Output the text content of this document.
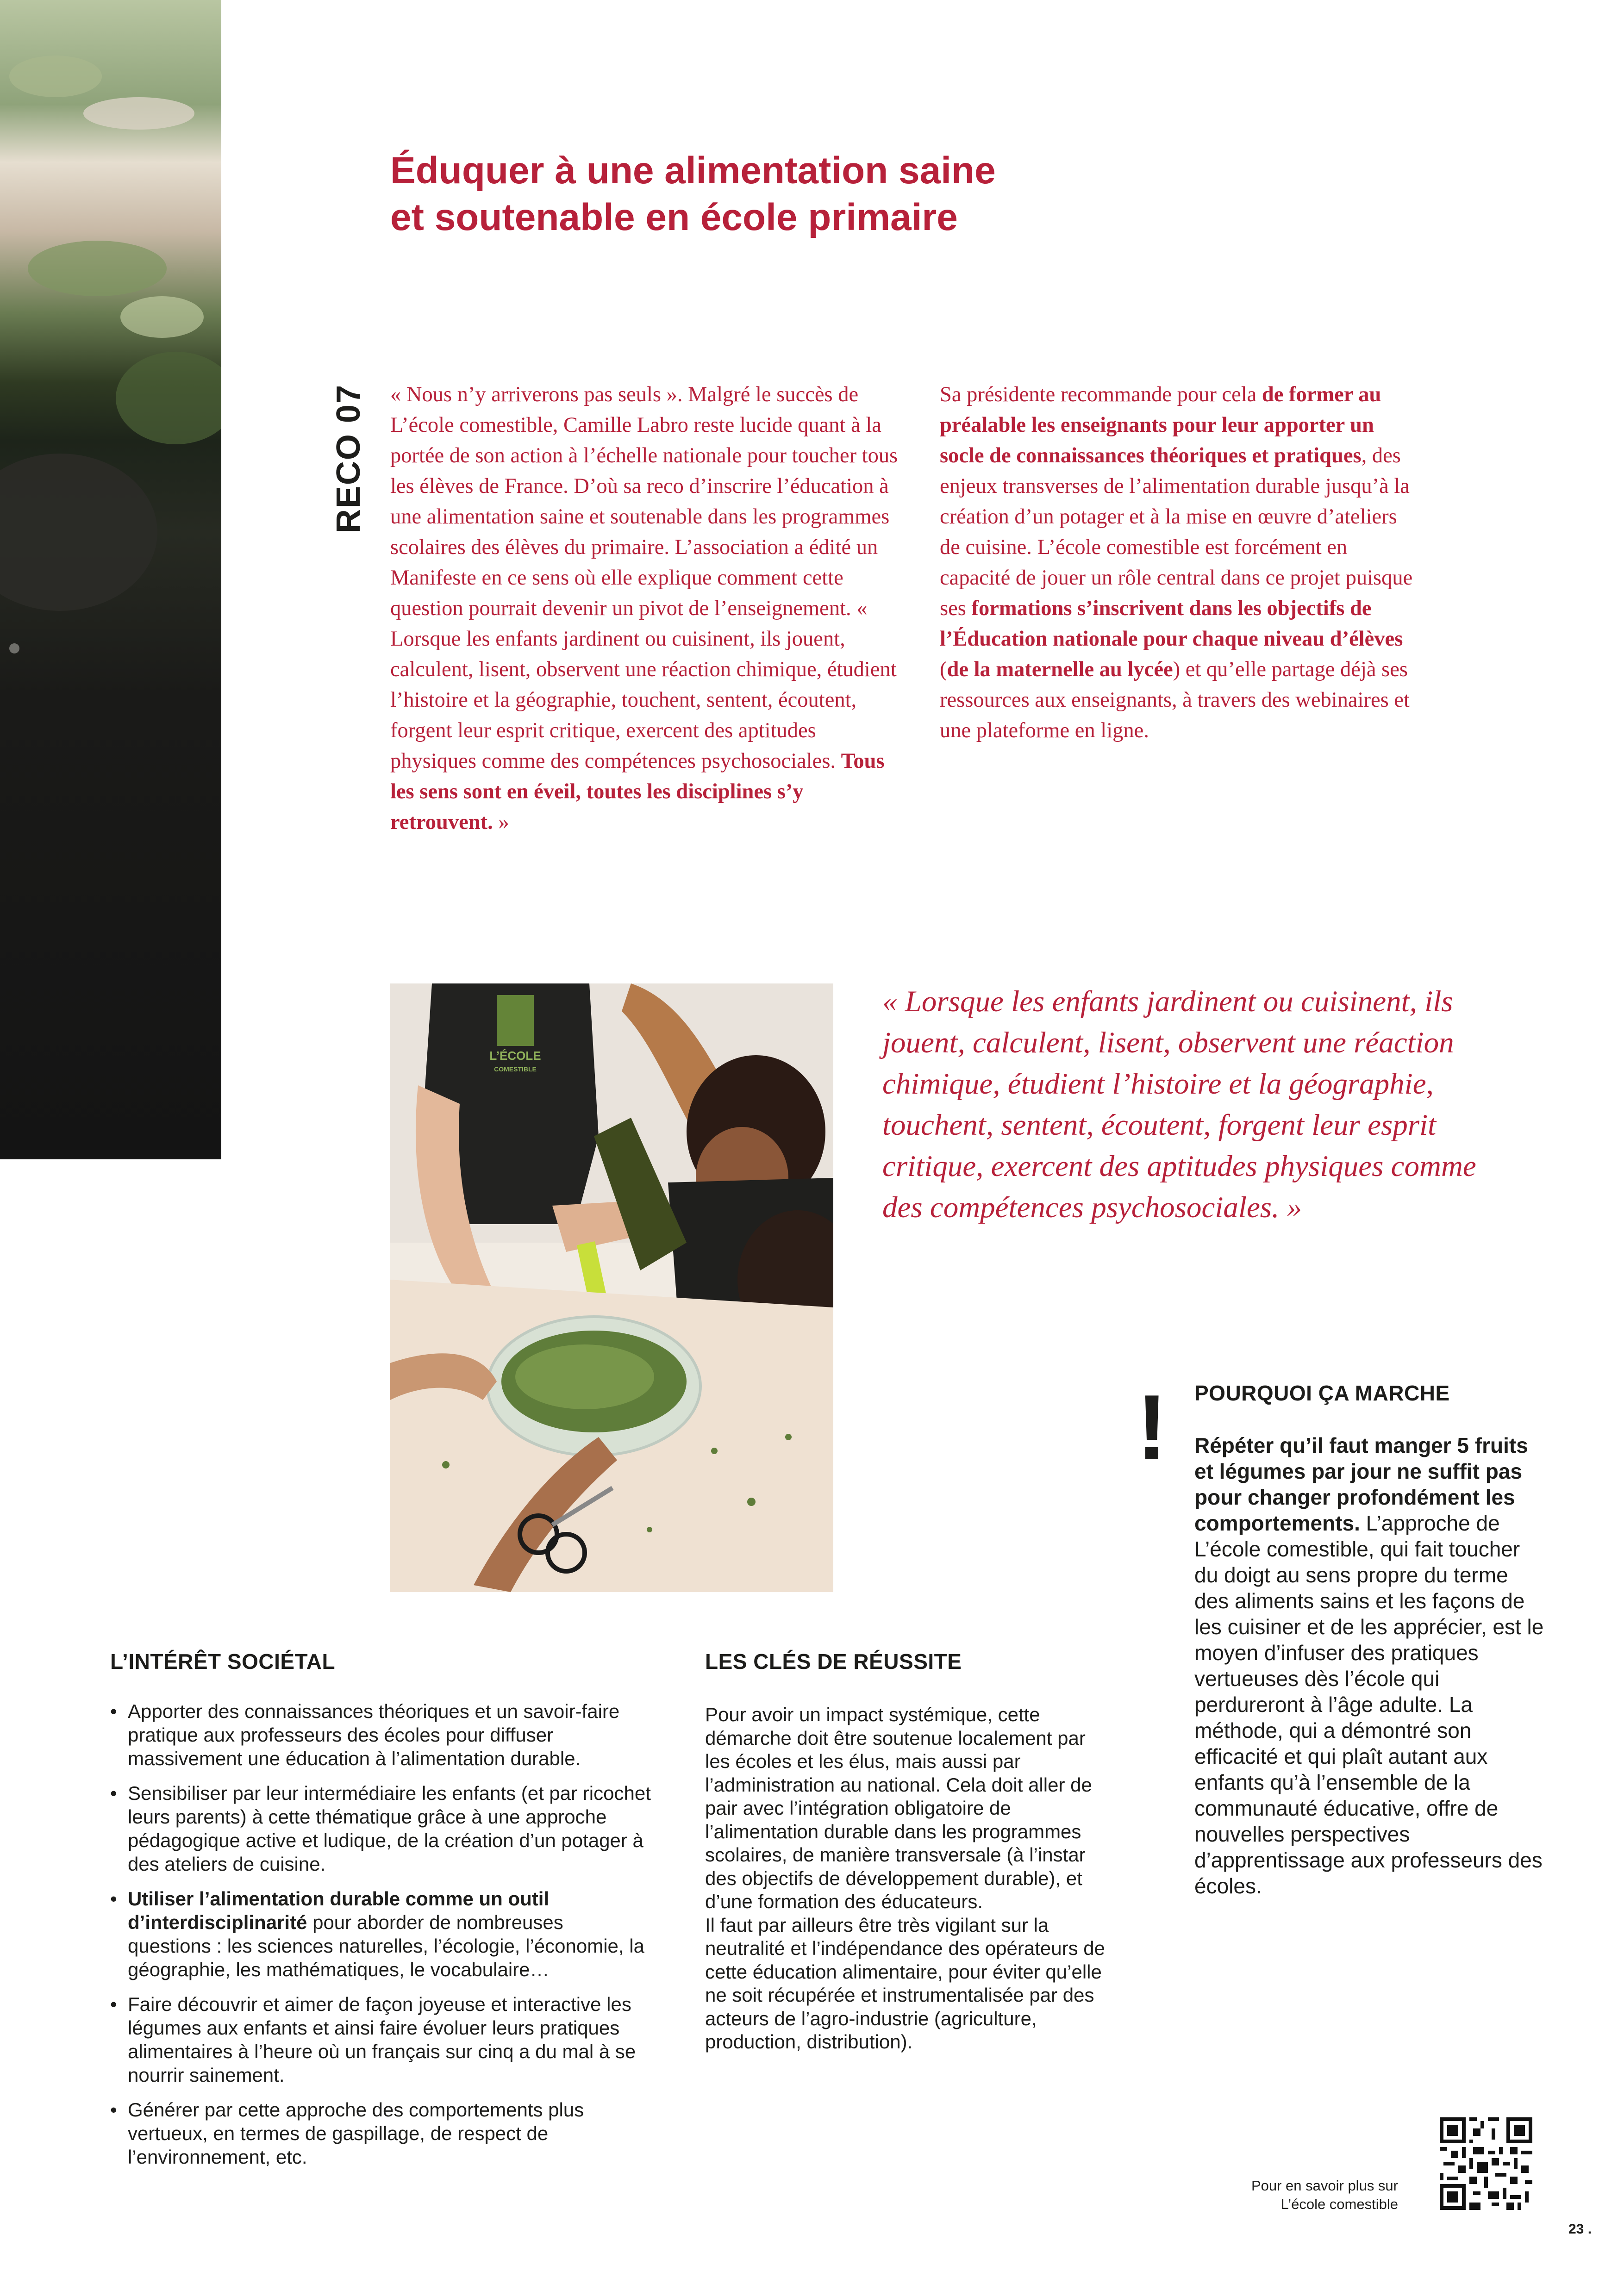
Éduquer à une alimentation saine et soutenable en école primaire
RECO 07 « Nous n’y arriverons pas seuls ». Malgré le succès de L’école comestible, Camille Labro reste lucide quant à la portée de son action à l’échelle nationale pour toucher tous les élèves de France. D’où sa reco d’inscrire l’éducation à une alimentation saine et soutenable dans les programmes scolaires des élèves du primaire. L’association a édité un Manifeste en ce sens où elle explique comment cette question pourrait devenir un pivot de l’enseignement. « Lorsque les enfants jardinent ou cuisinent, ils jouent, calculent, lisent, observent une réaction chimique, étudient l’histoire et la géographie, touchent, sentent, écoutent, forgent leur esprit critique, exercent des aptitudes physiques comme des compétences psychosociales. Tous les sens sont en éveil, toutes les disciplines s’y retrouvent. »
Sa présidente recommande pour cela de former au préalable les enseignants pour leur apporter un socle de connaissances théoriques et pratiques, des enjeux transverses de l’alimentation durable jusqu’à la création d’un potager et à la mise en œuvre d’ateliers de cuisine. L’école comestible est forcément en capacité de jouer un rôle central dans ce projet puisque ses formations s’inscrivent dans les objectifs de l’Éducation nationale pour chaque niveau d’élèves (de la maternelle au lycée) et qu’elle partage déjà ses ressources aux enseignants, à travers des webinaires et une plateforme en ligne.
L’ÉCOLE
COMESTIBLE
« Lorsque les enfants jardinent ou cuisinent, ils jouent, calculent, lisent, observent une réaction chimique, étudient l’histoire et la géographie, touchent, sentent, écoutent, forgent leur esprit critique, exercent des aptitudes physiques comme des compétences psychosociales. »
! POURQUOI ÇA MARCHE
Répéter qu’il faut manger 5 fruits et légumes par jour ne suffit pas pour changer profondément les comportements. L’approche de L’école comestible, qui fait toucher du doigt au sens propre du terme des aliments sains et les façons de les cuisiner et de les apprécier, est le moyen d’infuser des pratiques vertueuses dès l’école qui perdureront à l’âge adulte. La méthode, qui a démontré son efficacité et qui plaît autant aux enfants qu’à l’ensemble de la communauté éducative, offre de nouvelles perspectives d’apprentissage aux professeurs des écoles.
L’INTÉRÊT SOCIÉTAL
• Apporter des connaissances théoriques et un savoir-faire pratique aux professeurs des écoles pour diffuser massivement une éducation à l’alimentation durable.
• Sensibiliser par leur intermédiaire les enfants (et par ricochet leurs parents) à cette thématique grâce à une approche pédagogique active et ludique, de la création d’un potager à des ateliers de cuisine.
• Utiliser l’alimentation durable comme un outil d’interdisciplinarité pour aborder de nombreuses questions : les sciences naturelles, l’écologie, l’économie, la géographie, les mathématiques, le vocabulaire…
• Faire découvrir et aimer de façon joyeuse et interactive les légumes aux enfants et ainsi faire évoluer leurs pratiques alimentaires à l’heure où un français sur cinq a du mal à se nourrir sainement.
• Générer par cette approche des comportements plus vertueux, en termes de gaspillage, de respect de l’environnement, etc.
LES CLÉS DE RÉUSSITE
Pour avoir un impact systémique, cette démarche doit être soutenue localement par les écoles et les élus, mais aussi par l’administration au national. Cela doit aller de pair avec l’intégration obligatoire de l’alimentation durable dans les programmes scolaires, de manière transversale (à l’instar des objectifs de développement durable), et d’une formation des éducateurs.
Il faut par ailleurs être très vigilant sur la neutralité et l’indépendance des opérateurs de cette éducation alimentaire, pour éviter qu’elle ne soit récupérée et instrumentalisée par des acteurs de l’agro-industrie (agriculture, production, distribution).
Pour en savoir plus sur
L’école comestible
23 .
